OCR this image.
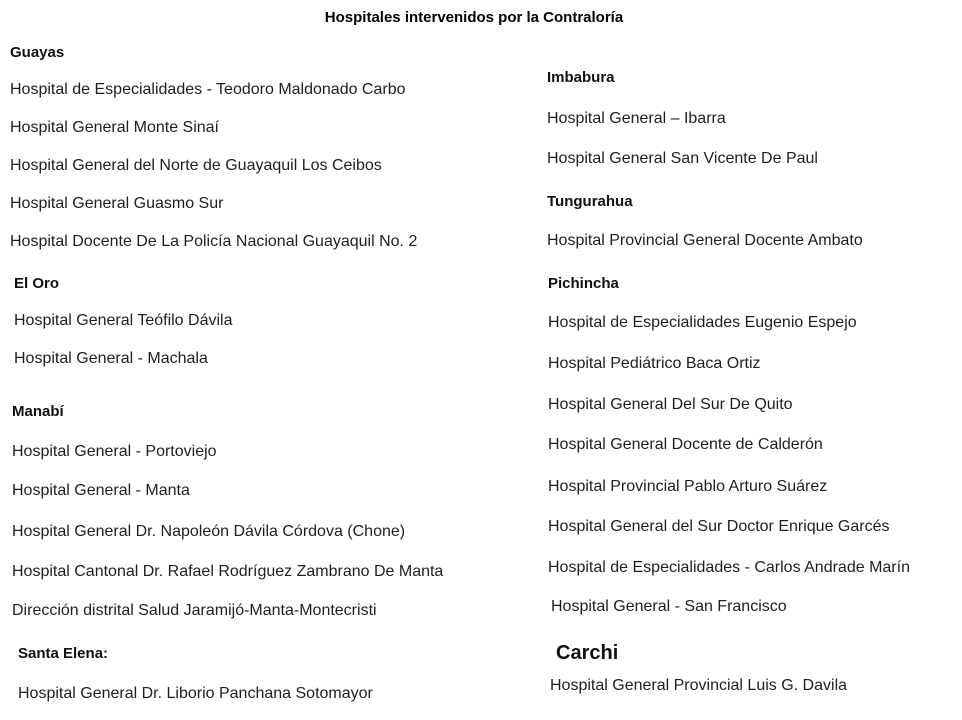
Hospitales intervenidos por la Contraloría
Guayas
Hospital de Especialidades - Teodoro Maldonado Carbo
Hospital General Monte Sinaí
Hospital General del Norte de Guayaquil Los Ceibos
Hospital General Guasmo Sur
Hospital Docente De La Policía Nacional Guayaquil No. 2
El Oro
Hospital General Teófilo Dávila
Hospital General - Machala
Manabí
Hospital General - Portoviejo
Hospital General - Manta
Hospital General Dr. Napoleón Dávila Córdova (Chone)
Hospital Cantonal Dr. Rafael Rodríguez Zambrano De Manta
Dirección distrital Salud Jaramijó-Manta-Montecristi
Santa Elena:
Hospital General Dr. Liborio Panchana Sotomayor
Imbabura
Hospital General – Ibarra
Hospital General San Vicente De Paul
Tungurahua
Hospital Provincial General Docente Ambato
Pichincha
Hospital de Especialidades Eugenio Espejo
Hospital Pediátrico Baca Ortiz
Hospital General Del Sur De Quito
Hospital General Docente de Calderón
Hospital Provincial Pablo Arturo Suárez
Hospital General del Sur Doctor Enrique Garcés
Hospital de Especialidades - Carlos Andrade Marín
Hospital General - San Francisco
Carchi
Hospital General Provincial Luis G. Davila
